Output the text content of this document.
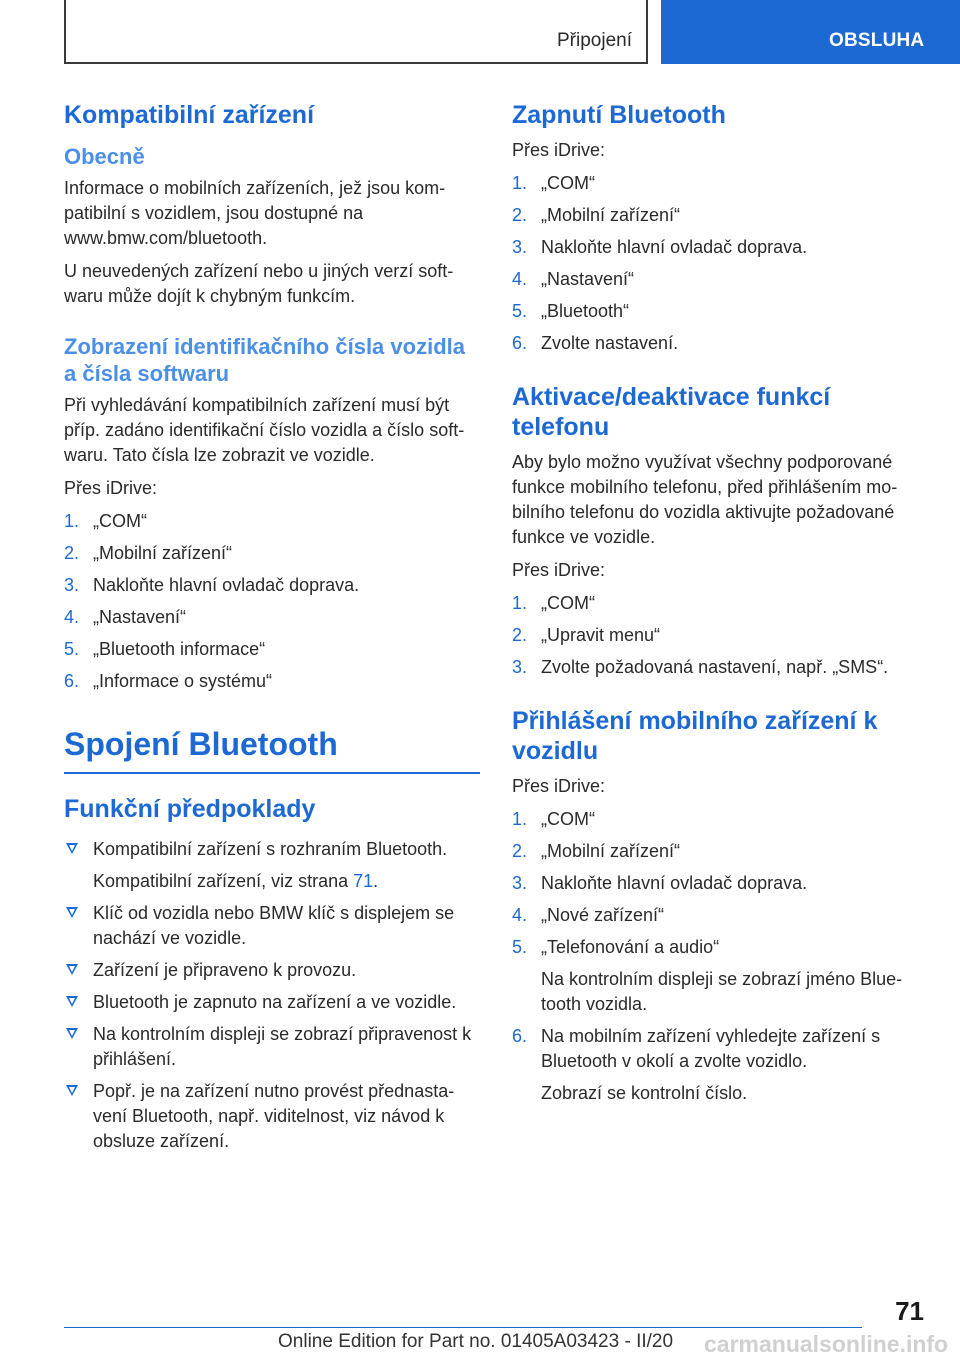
Připojení	OBSLUHA
Kompatibilní zařízení
Obecně

Informace o mobilních zařízeních, jež jsou kom‐patibilní s vozidlem, jsou dostupné na www.bmw.com/bluetooth.

U neuvedených zařízení nebo u jiných verzí soft‐waru může dojít k chybným funkcím.

Zobrazení identifikačního čísla vozidla a čísla softwaru

Při vyhledávání kompatibilních zařízení musí být příp. zadáno identifikační číslo vozidla a číslo soft‐waru. Tato čísla lze zobrazit ve vozidle.

Přes iDrive:

1. „COM“
2. „Mobilní zařízení“
3. Nakloňte hlavní ovladač doprava.
4. „Nastavení“
5. „Bluetooth informace“
6. „Informace o systému“
Spojení Bluetooth
Funkční předpoklady
Kompatibilní zařízení s rozhraním Bluetooth.
Kompatibilní zařízení, viz strana 71.
Klíč od vozidla nebo BMW klíč s displejem se nachází ve vozidle.
Zařízení je připraveno k provozu.
Bluetooth je zapnuto na zařízení a ve vozidle.
Na kontrolním displeji se zobrazí připravenost k přihlášení.
Popř. je na zařízení nutno provést přednasta‐vení Bluetooth, např. viditelnost, viz návod k obsluze zařízení.
Zapnutí Bluetooth

Přes iDrive:

1. „COM“
2. „Mobilní zařízení“
3. Nakloňte hlavní ovladač doprava.
4. „Nastavení“
5. „Bluetooth“
6. Zvolte nastavení.
Aktivace/deaktivace funkcí telefonu

Aby bylo možno využívat všechny podporované funkce mobilního telefonu, před přihlášením mo‐bilního telefonu do vozidla aktivujte požadované funkce ve vozidle.

Přes iDrive:

1. „COM“
2. „Upravit menu“
3. Zvolte požadovaná nastavení, např. „SMS“.
Přihlášení mobilního zařízení k vozidlu

Přes iDrive:

1. „COM“
2. „Mobilní zařízení“
3. Nakloňte hlavní ovladač doprava.
4. „Nové zařízení“
5. „Telefonování a audio“
Na kontrolním displeji se zobrazí jméno Blue‐tooth vozidla.
6. Na mobilním zařízení vyhledejte zařízení s Bluetooth v okolí a zvolte vozidlo.
Zobrazí se kontrolní číslo.
71
Online Edition for Part no. 01405A03423 - II/20 carmanualsonline.info
